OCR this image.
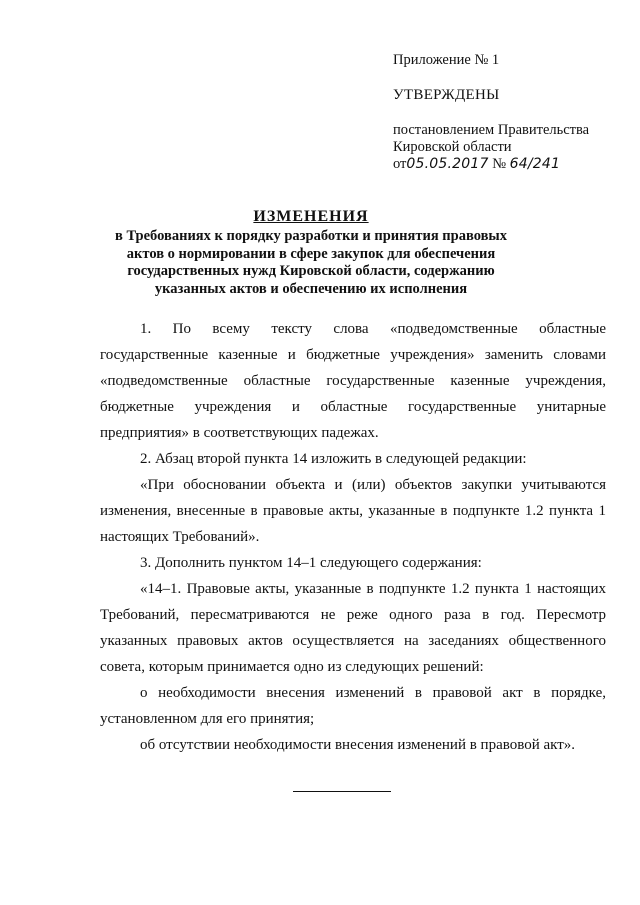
Приложение № 1
УТВЕРЖДЕНЫ
постановлением Правительства
Кировской области
от05.05.2017 № 64/241
ИЗМЕНЕНИЯ
в Требованиях к порядку разработки и принятия правовых актов о нормировании в сфере закупок для обеспечения государственных нужд Кировской области, содержанию указанных актов и обеспечению их исполнения

1. По всему тексту слова «подведомственные областные государственные казенные и бюджетные учреждения» заменить словами «подведомственные областные государственные казенные учреждения, бюджетные учреждения и областные государственные унитарные предприятия» в соответствующих падежах.

2. Абзац второй пункта 14 изложить в следующей редакции:

«При обосновании объекта и (или) объектов закупки учитываются изменения, внесенные в правовые акты, указанные в подпункте 1.2 пункта 1 настоящих Требований».

3. Дополнить пунктом 14–1 следующего содержания:

«14–1. Правовые акты, указанные в подпункте 1.2 пункта 1 настоящих Требований, пересматриваются не реже одного раза в год. Пересмотр указанных правовых актов осуществляется на заседаниях общественного совета, которым принимается одно из следующих решений:

о необходимости внесения изменений в правовой акт в порядке, установленном для его принятия;

об отсутствии необходимости внесения изменений в правовой акт».
